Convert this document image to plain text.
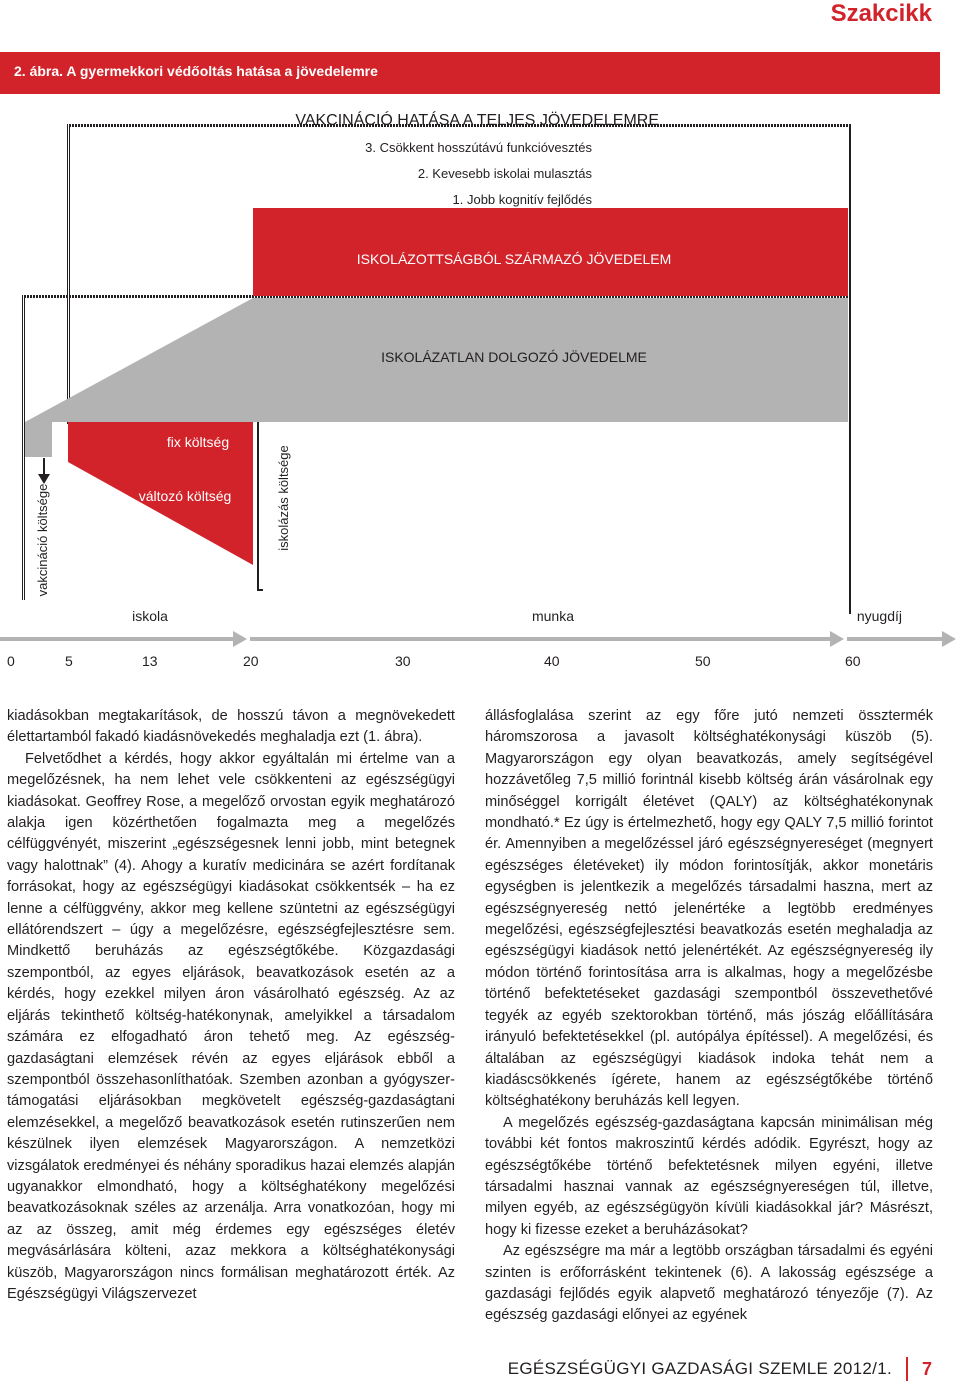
Szakcikk
2. ábra. A gyermekkori védőoltás hatása a jövedelemre
VAKCINÁCIÓ HATÁSA A TELJES JÖVEDELEMRE
3. Csökkent hosszútávú funkcióvesztés
2. Kevesebb iskolai mulasztás
1. Jobb kognitív fejlődés
ISKOLÁZOTTSÁGBÓL SZÁRMAZÓ JÖVEDELEM
ISKOLÁZATLAN DOLGOZÓ JÖVEDELME
fix költség
változó költség	iskolázás költsége
vakcináció költsége
iskola	munka	nyugdíj
0	5	13	20	30	40	50	60

kiadásokban megtakarítások, de hosszú távon a megnövekedett élettartamból fakadó kiadásnövekedés meghaladja ezt (1. ábra).

Felvetődhet a kérdés, hogy akkor egyáltalán mi értelme van a megelőzésnek, ha nem lehet vele csökkenteni az egészségügyi kiadásokat. Geoffrey Rose, a megelőző orvostan egyik meghatározó alakja igen közérthetően fogalmazta meg a megelőzés célfüggvényét, miszerint „egészségesnek lenni jobb, mint betegnek vagy halottnak” (4). Ahogy a kuratív medicinára se azért fordítanak forrásokat, hogy az egészségügyi kiadásokat csökkentsék – ha ez lenne a célfüggvény, akkor meg kellene szüntetni az egészségügyi ellátórendszert – úgy a megelőzésre, egészségfejlesztésre sem. Mindkettő beruházás az egészségtőkébe. Közgazdasági szempontból, az egyes eljárások, beavatkozások esetén az a kérdés, hogy ezekkel milyen áron vásárolható egészség. Az az eljárás tekinthető költség-hatékonynak, amelyikkel a társadalom számára ez elfogadható áron tehető meg. Az egészség-gazdaságtani elemzések révén az egyes eljárások ebből a szempontból összehasonlíthatóak. Szemben azonban a gyógyszer-támogatási eljárásokban megkövetelt egészség-gazdaságtani elemzésekkel, a megelőző beavatkozások esetén rutinszerűen nem készülnek ilyen elemzések Magyarországon. A nemzetközi vizsgálatok eredményei és néhány sporadikus hazai elemzés alapján ugyanakkor elmondható, hogy a költséghatékony megelőzési beavatkozásoknak széles az arzenálja. Arra vonatkozóan, hogy mi az az összeg, amit még érdemes egy egészséges életév megvásárlására költeni, azaz mekkora a költséghatékonysági küszöb, Magyarországon nincs formálisan meghatározott érték. Az Egészségügyi Világszervezet

állásfoglalása szerint az egy főre jutó nemzeti össztermék háromszorosa a javasolt költséghatékonysági küszöb (5). Magyarországon egy olyan beavatkozás, amely segítségével hozzávetőleg 7,5 millió forintnál kisebb költség árán vásárolnak egy minőséggel korrigált életévet (QALY) az költséghatékonynak mondható.* Ez úgy is értelmezhető, hogy egy QALY 7,5 millió forintot ér. Amennyiben a megelőzéssel járó egészségnyereséget (megnyert egészséges életéveket) ily módon forintosítják, akkor monetáris egységben is jelentkezik a megelőzés társadalmi haszna, mert az egészségnyereség nettó jelenértéke a legtöbb eredményes megelőzési, egészségfejlesztési beavatkozás esetén meghaladja az egészségügyi kiadások nettó jelenértékét. Az egészségnyereség ily módon történő forintosítása arra is alkalmas, hogy a megelőzésbe történő befektetéseket gazdasági szempontból összevethetővé tegyék az egyéb szektorokban történő, más jószág előállítására irányuló befektetésekkel (pl. autópálya építéssel). A megelőzési, és általában az egészségügyi kiadások indoka tehát nem a kiadáscsökkenés ígérete, hanem az egészségtőkébe történő költséghatékony beruházás kell legyen.

A megelőzés egészség-gazdaságtana kapcsán minimálisan még további két fontos makroszintű kérdés adódik. Egyrészt, hogy az egészségtőkébe történő befektetésnek milyen egyéni, illetve társadalmi hasznai vannak az egészségnyereségen túl, illetve, milyen egyéb, az egészségügyön kívüli kiadásokkal jár? Másrészt, hogy ki fizesse ezeket a beruházásokat?

Az egészségre ma már a legtöbb országban társadalmi és egyéni szinten is erőforrásként tekintenek (6). A lakosság egészsége a gazdasági fejlődés egyik alapvető meghatározó tényezője (7). Az egészség gazdasági előnyei az egyének

EGÉSZSÉGÜGYI GAZDASÁGI SZEMLE 2012/1. 7
